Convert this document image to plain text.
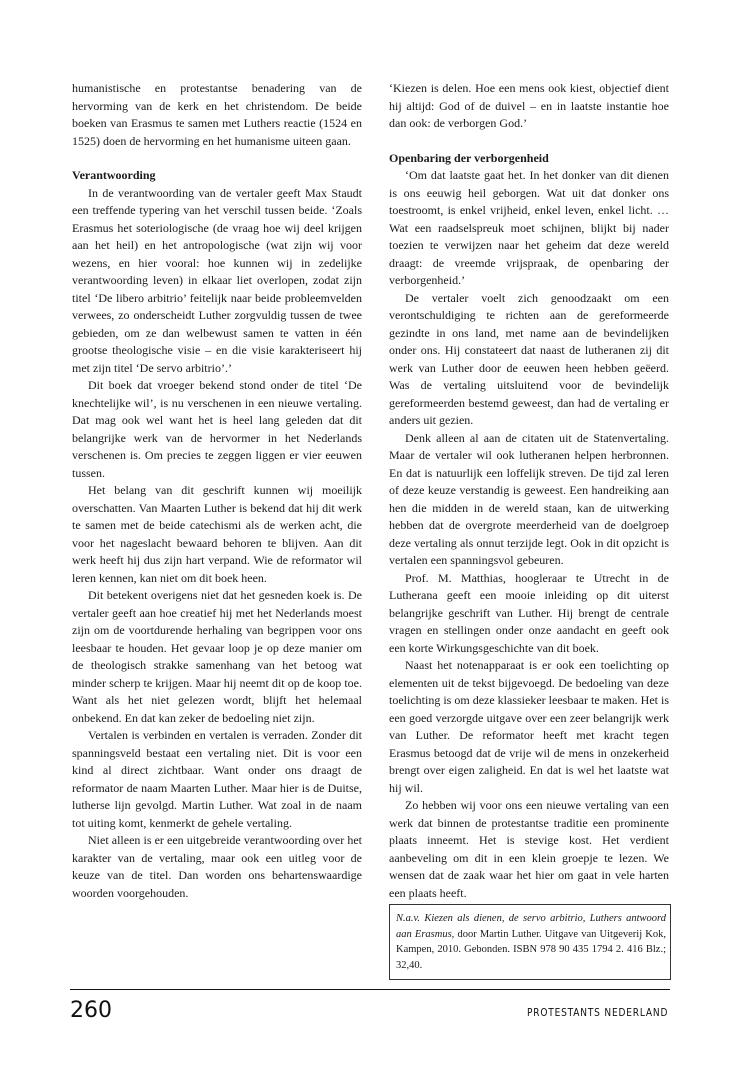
humanistische en protestantse benadering van de hervorming van de kerk en het christendom. De beide boeken van Erasmus te samen met Luthers reactie (1524 en 1525) doen de hervorming en het humanisme uiteen gaan.

Verantwoording

In de verantwoording van de vertaler geeft Max Staudt een treffende typering van het verschil tussen beide. ‘Zoals Erasmus het soteriologische (de vraag hoe wij deel krijgen aan het heil) en het antropologische (wat zijn wij voor wezens, en hier vooral: hoe kunnen wij in zedelijke verantwoording leven) in elkaar liet overlopen, zodat zijn titel ‘De libero arbitrio’ feitelijk naar beide probleemvelden verwees, zo onderscheidt Luther zorgvuldig tussen de twee gebieden, om ze dan welbewust samen te vatten in één grootse theologische visie – en die visie karakteriseert hij met zijn titel ‘De servo arbitrio’.’

Dit boek dat vroeger bekend stond onder de titel ‘De knechtelijke wil’, is nu verschenen in een nieuwe vertaling. Dat mag ook wel want het is heel lang geleden dat dit belangrijke werk van de hervormer in het Nederlands verschenen is. Om precies te zeggen liggen er vier eeuwen tussen.

Het belang van dit geschrift kunnen wij moeilijk overschatten. Van Maarten Luther is bekend dat hij dit werk te samen met de beide catechismi als de werken acht, die voor het nageslacht bewaard behoren te blijven. Aan dit werk heeft hij dus zijn hart verpand. Wie de reformator wil leren kennen, kan niet om dit boek heen.

Dit betekent overigens niet dat het gesneden koek is. De vertaler geeft aan hoe creatief hij met het Nederlands moest zijn om de voortdurende herhaling van begrippen voor ons leesbaar te houden. Het gevaar loop je op deze manier om de theologisch strakke samenhang van het betoog wat minder scherp te krijgen. Maar hij neemt dit op de koop toe. Want als het niet gelezen wordt, blijft het helemaal onbekend. En dat kan zeker de bedoeling niet zijn.

Vertalen is verbinden en vertalen is verraden. Zonder dit spanningsveld bestaat een vertaling niet. Dit is voor een kind al direct zichtbaar. Want onder ons draagt de reformator de naam Maarten Luther. Maar hier is de Duitse, lutherse lijn gevolgd. Martin Luther. Wat zoal in de naam tot uiting komt, kenmerkt de gehele vertaling.

Niet alleen is er een uitgebreide verantwoording over het karakter van de vertaling, maar ook een uitleg voor de keuze van de titel. Dan worden ons behartenswaardige woorden voorgehouden.

‘Kiezen is delen. Hoe een mens ook kiest, objectief dient hij altijd: God of de duivel – en in laatste instantie hoe dan ook: de verborgen God.’

Openbaring der verborgenheid

‘Om dat laatste gaat het. In het donker van dit dienen is ons eeuwig heil geborgen. Wat uit dat donker ons toestroomt, is enkel vrijheid, enkel leven, enkel licht. … Wat een raadselspreuk moet schijnen, blijkt bij nader toezien te verwijzen naar het geheim dat deze wereld draagt: de vreemde vrijspraak, de openbaring der verborgenheid.’

De vertaler voelt zich genoodzaakt om een verontschuldiging te richten aan de gereformeerde gezindte in ons land, met name aan de bevindelijken onder ons. Hij constateert dat naast de lutheranen zij dit werk van Luther door de eeuwen heen hebben geëerd. Was de vertaling uitsluitend voor de bevindelijk gereformeerden bestemd geweest, dan had de vertaling er anders uit gezien.

Denk alleen al aan de citaten uit de Statenvertaling. Maar de vertaler wil ook lutheranen helpen herbronnen. En dat is natuurlijk een loffelijk streven. De tijd zal leren of deze keuze verstandig is geweest. Een handreiking aan hen die midden in de wereld staan, kan de uitwerking hebben dat de overgrote meerderheid van de doelgroep deze vertaling als onnut terzijde legt. Ook in dit opzicht is vertalen een spanningsvol gebeuren.

Prof. M. Matthias, hoogleraar te Utrecht in de Lutherana geeft een mooie inleiding op dit uiterst belangrijke geschrift van Luther. Hij brengt de centrale vragen en stellingen onder onze aandacht en geeft ook een korte Wirkungsgeschichte van dit boek.

Naast het notenapparaat is er ook een toelichting op elementen uit de tekst bijgevoegd. De bedoeling van deze toelichting is om deze klassieker leesbaar te maken. Het is een goed verzorgde uitgave over een zeer belangrijk werk van Luther. De reformator heeft met kracht tegen Erasmus betoogd dat de vrije wil de mens in onzekerheid brengt over eigen zaligheid. En dat is wel het laatste wat hij wil.

Zo hebben wij voor ons een nieuwe vertaling van een werk dat binnen de protestantse traditie een prominente plaats inneemt. Het is stevige kost. Het verdient aanbeveling om dit in een klein groepje te lezen. We wensen dat de zaak waar het hier om gaat in vele harten een plaats heeft.

N.a.v. Kiezen als dienen, de servo arbitrio, Luthers antwoord aan Erasmus, door Martin Luther. Uitgave van Uitgeverij Kok, Kampen, 2010. Gebonden. ISBN 978 90 435 1794 2. 416 Blz.; 32,40.

260	PROTESTANTS NEDERLAND
